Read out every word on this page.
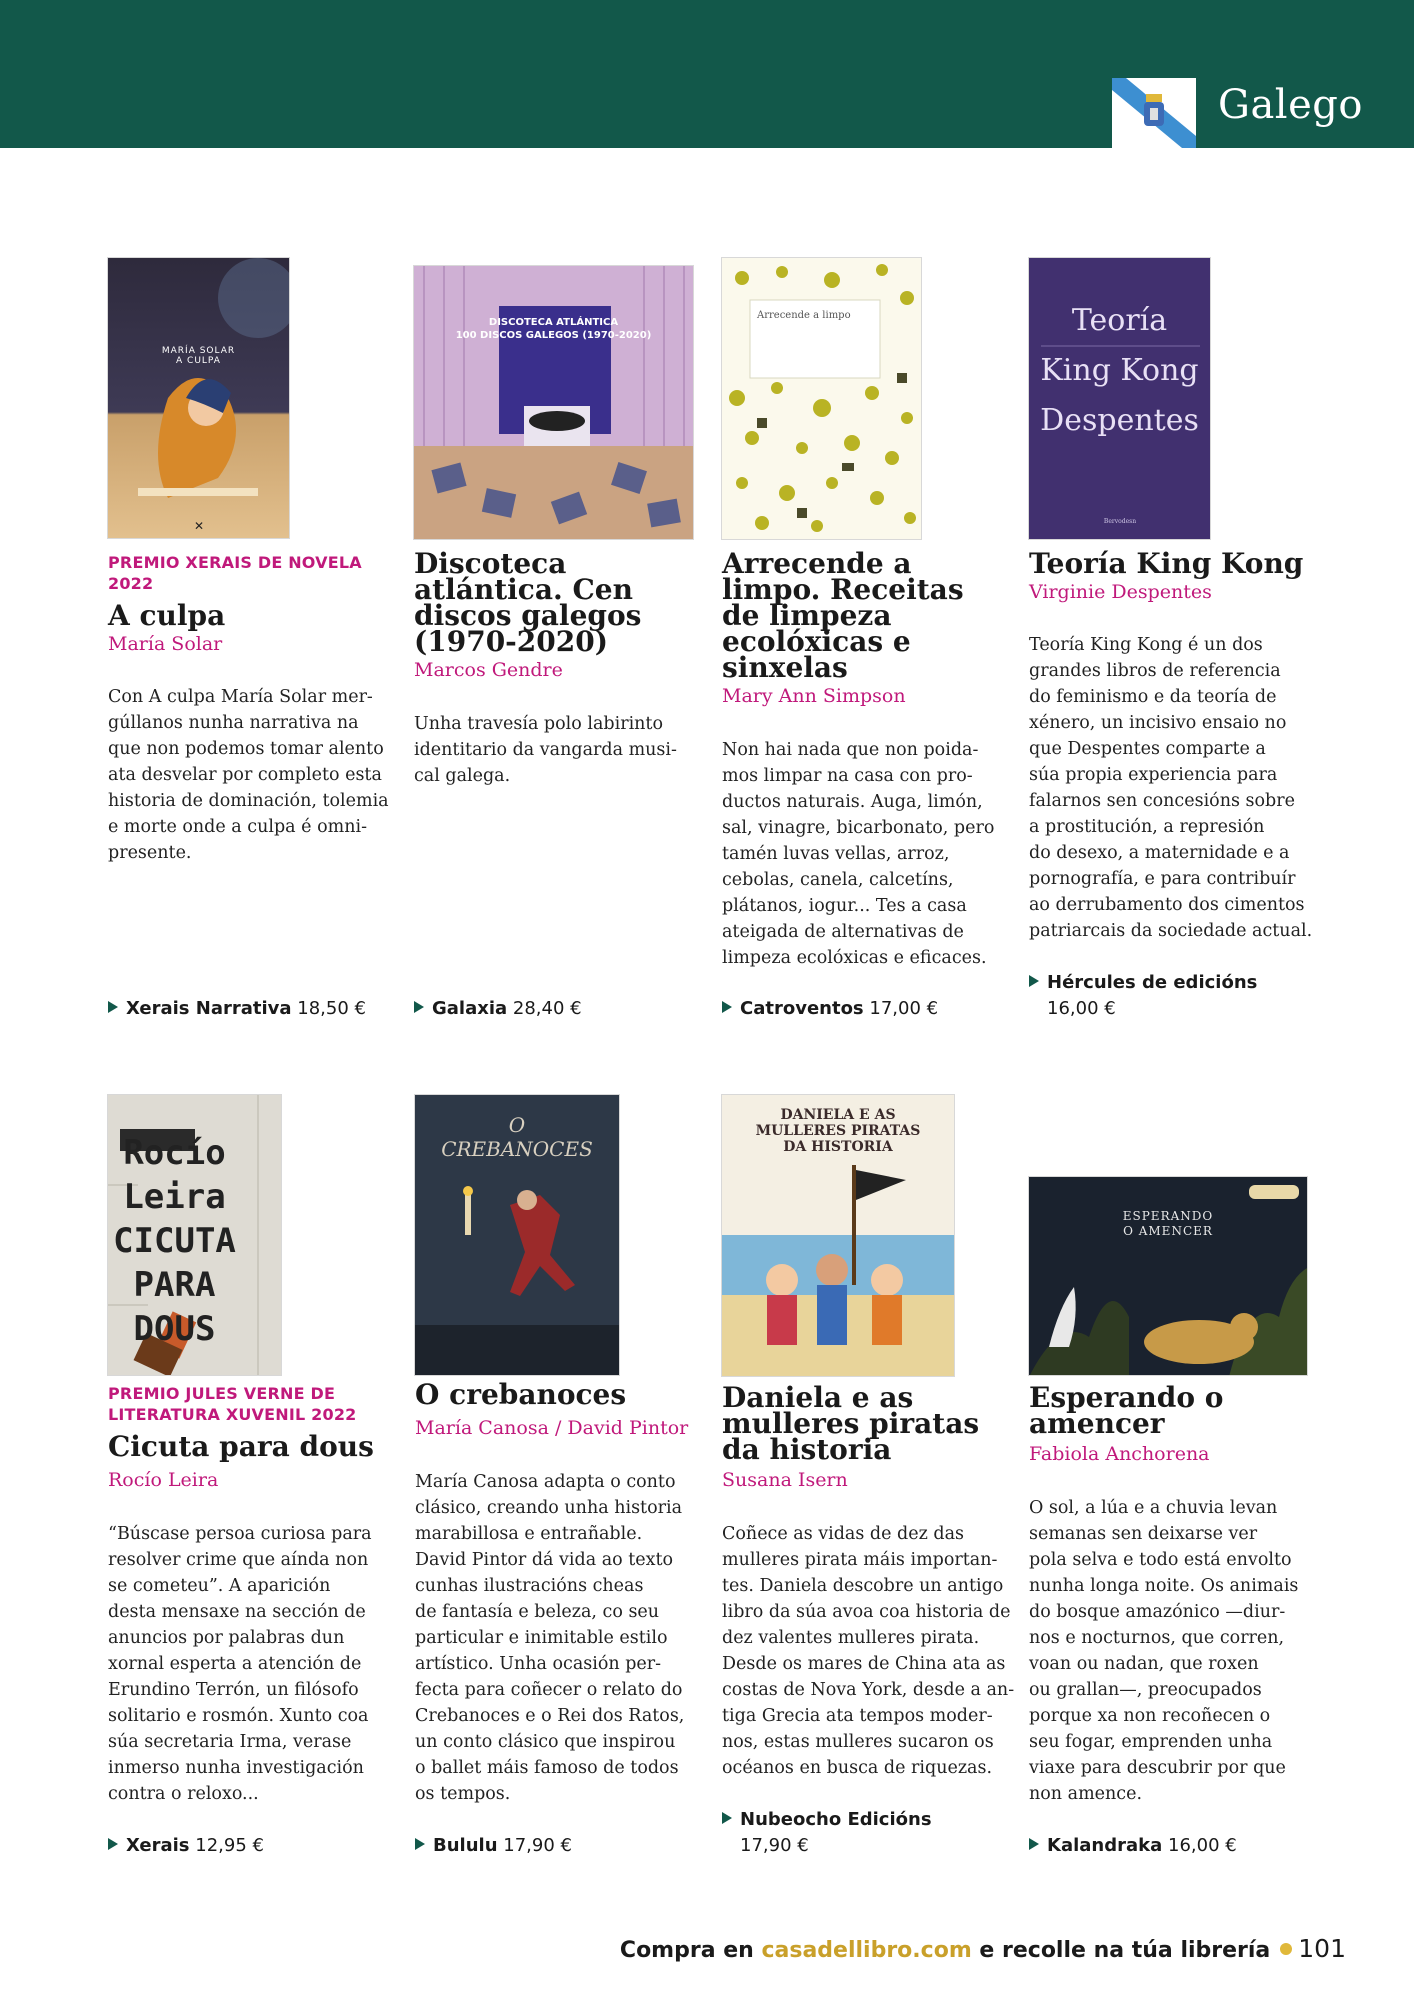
Galego
✕
MARÍA SOLAR
A CULPA
PREMIO XERAIS DE NOVELA 2022
A culpa
María Solar
Con A culpa María Solar mer-
gúllanos nunha narrativa na
que non podemos tomar alento
ata desvelar por completo esta
historia de dominación, tolemia
e morte onde a culpa é omni-
presente.
Xerais Narrativa 18,50 €
DISCOTECA ATLÁNTICA
100 DISCOS GALEGOS (1970-2020)
Discoteca atlántica. Cen discos galegos (1970-2020)
Marcos Gendre
Unha travesía polo labirinto
identitario da vangarda musi-
cal galega.
Galaxia 28,40 €
Arrecende a limpo
Arrecende a limpo. Receitas de limpeza ecolóxicas e sinxelas
Mary Ann Simpson
Non hai nada que non poida-
mos limpar na casa con pro-
ductos naturais. Auga, limón,
sal, vinagre, bicarbonato, pero
tamén luvas vellas, arroz,
cebolas, canela, calcetíns,
plátanos, iogur... Tes a casa
ateigada de alternativas de
limpeza ecolóxicas e eficaces.
Catroventos 17,00 €
Bervodesn
Teoría
King Kong
Despentes
Teoría King Kong
Virginie Despentes
Teoría King Kong é un dos
grandes libros de referencia
do feminismo e da teoría de
xénero, un incisivo ensaio no
que Despentes comparte a
súa propia experiencia para
falarnos sen concesións sobre
a prostitución, a represión
do desexo, a maternidade e a
pornografía, e para contribuír
ao derrubamento dos cimentos
patriarcais da sociedade actual.
Hércules de edicións
16,00 €
Rocío Leira
CICUTA
PARA
DOUS
PREMIO JULES VERNE DE LITERATURA XUVENIL 2022
Cicuta para dous
Rocío Leira
“Búscase persoa curiosa para
resolver crime que aínda non
se cometeu”. A aparición
desta mensaxe na sección de
anuncios por palabras dun
xornal esperta a atención de
Erundino Terrón, un filósofo
solitario e rosmón. Xunto coa
súa secretaria Irma, verase
inmerso nunha investigación
contra o reloxo...
Xerais 12,95 €
O
CREBANOCES
O crebanoces
María Canosa / David Pintor
María Canosa adapta o conto
clásico, creando unha historia
marabillosa e entrañable.
David Pintor dá vida ao texto
cunhas ilustracións cheas
de fantasía e beleza, co seu
particular e inimitable estilo
artístico. Unha ocasión per-
fecta para coñecer o relato do
Crebanoces e o Rei dos Ratos,
un conto clásico que inspirou
o ballet máis famoso de todos
os tempos.
Bululu 17,90 €
DANIELA E AS
MULLERES PIRATAS
DA HISTORIA
Daniela e as mulleres piratas da historia
Susana Isern
Coñece as vidas de dez das
mulleres pirata máis importan-
tes. Daniela descobre un antigo
libro da súa avoa coa historia de
dez valentes mulleres pirata.
Desde os mares de China ata as
costas de Nova York, desde a an-
tiga Grecia ata tempos moder-
nos, estas mulleres sucaron os
océanos en busca de riquezas.
Nubeocho Edicións
17,90 €
ESPERANDO
O AMENCER
Esperando o amencer
Fabiola Anchorena
O sol, a lúa e a chuvia levan
semanas sen deixarse ver
pola selva e todo está envolto
nunha longa noite. Os animais
do bosque amazónico —diur-
nos e nocturnos, que corren,
voan ou nadan, que roxen
ou grallan—, preocupados
porque xa non recoñecen o
seu fogar, emprenden unha
viaxe para descubrir por que
non amence.
Kalandraka 16,00 €
Compra en casadellibro.com e recolle na túa librería 101
